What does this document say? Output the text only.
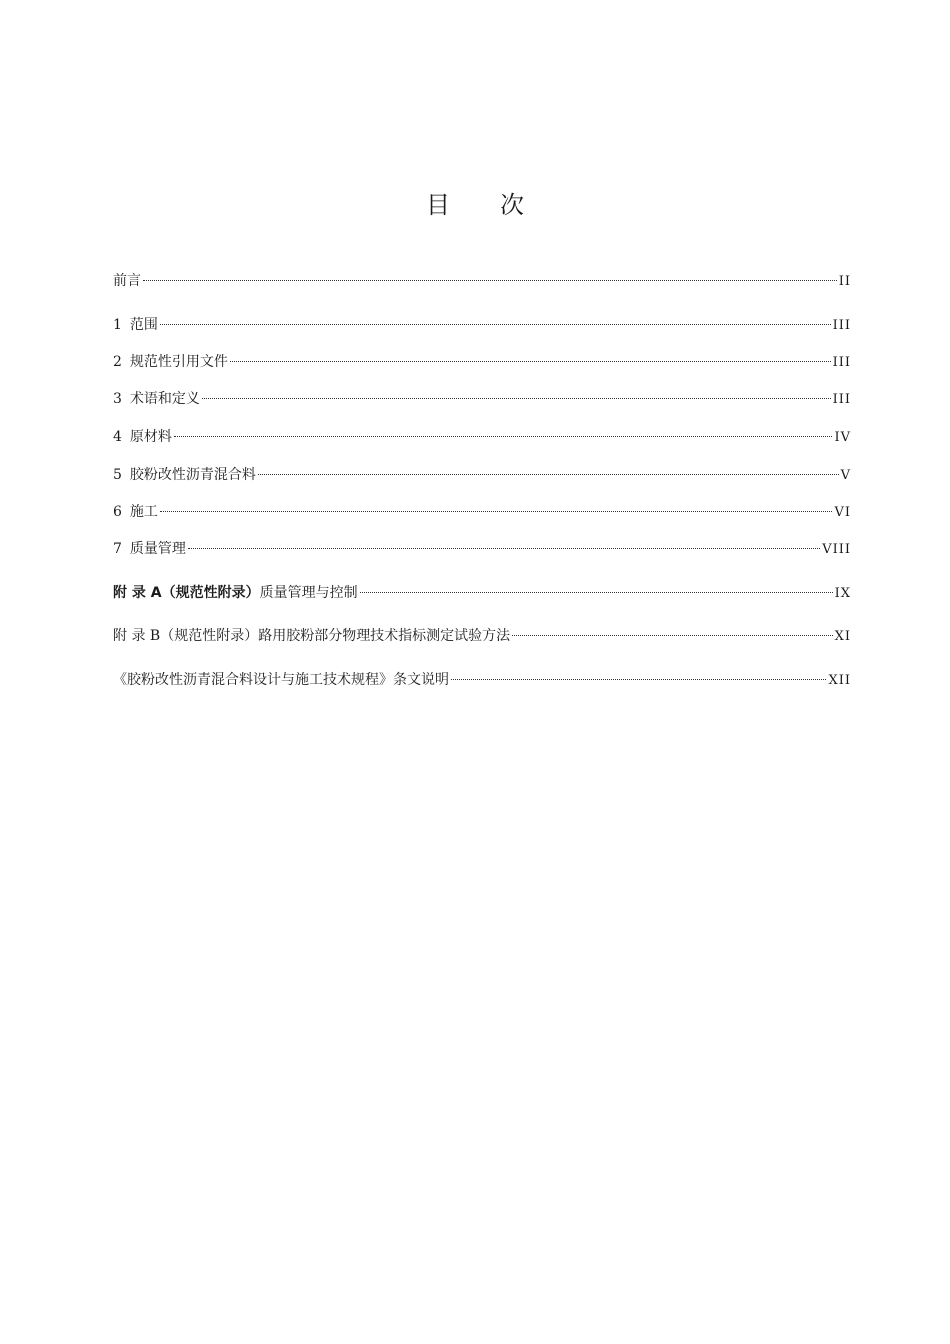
目 次
前言	II
1 范围	III
2 规范性引用文件	III
3 术语和定义	III
4 原材料	IV
5 胶粉改性沥青混合料	V
6 施工	VI
7 质量管理	VIII
附 录 A（规范性附录）质量管理与控制	IX
附 录 B（规范性附录）路用胶粉部分物理技术指标测定试验方法	XI
《胶粉改性沥青混合料设计与施工技术规程》条文说明	XII
